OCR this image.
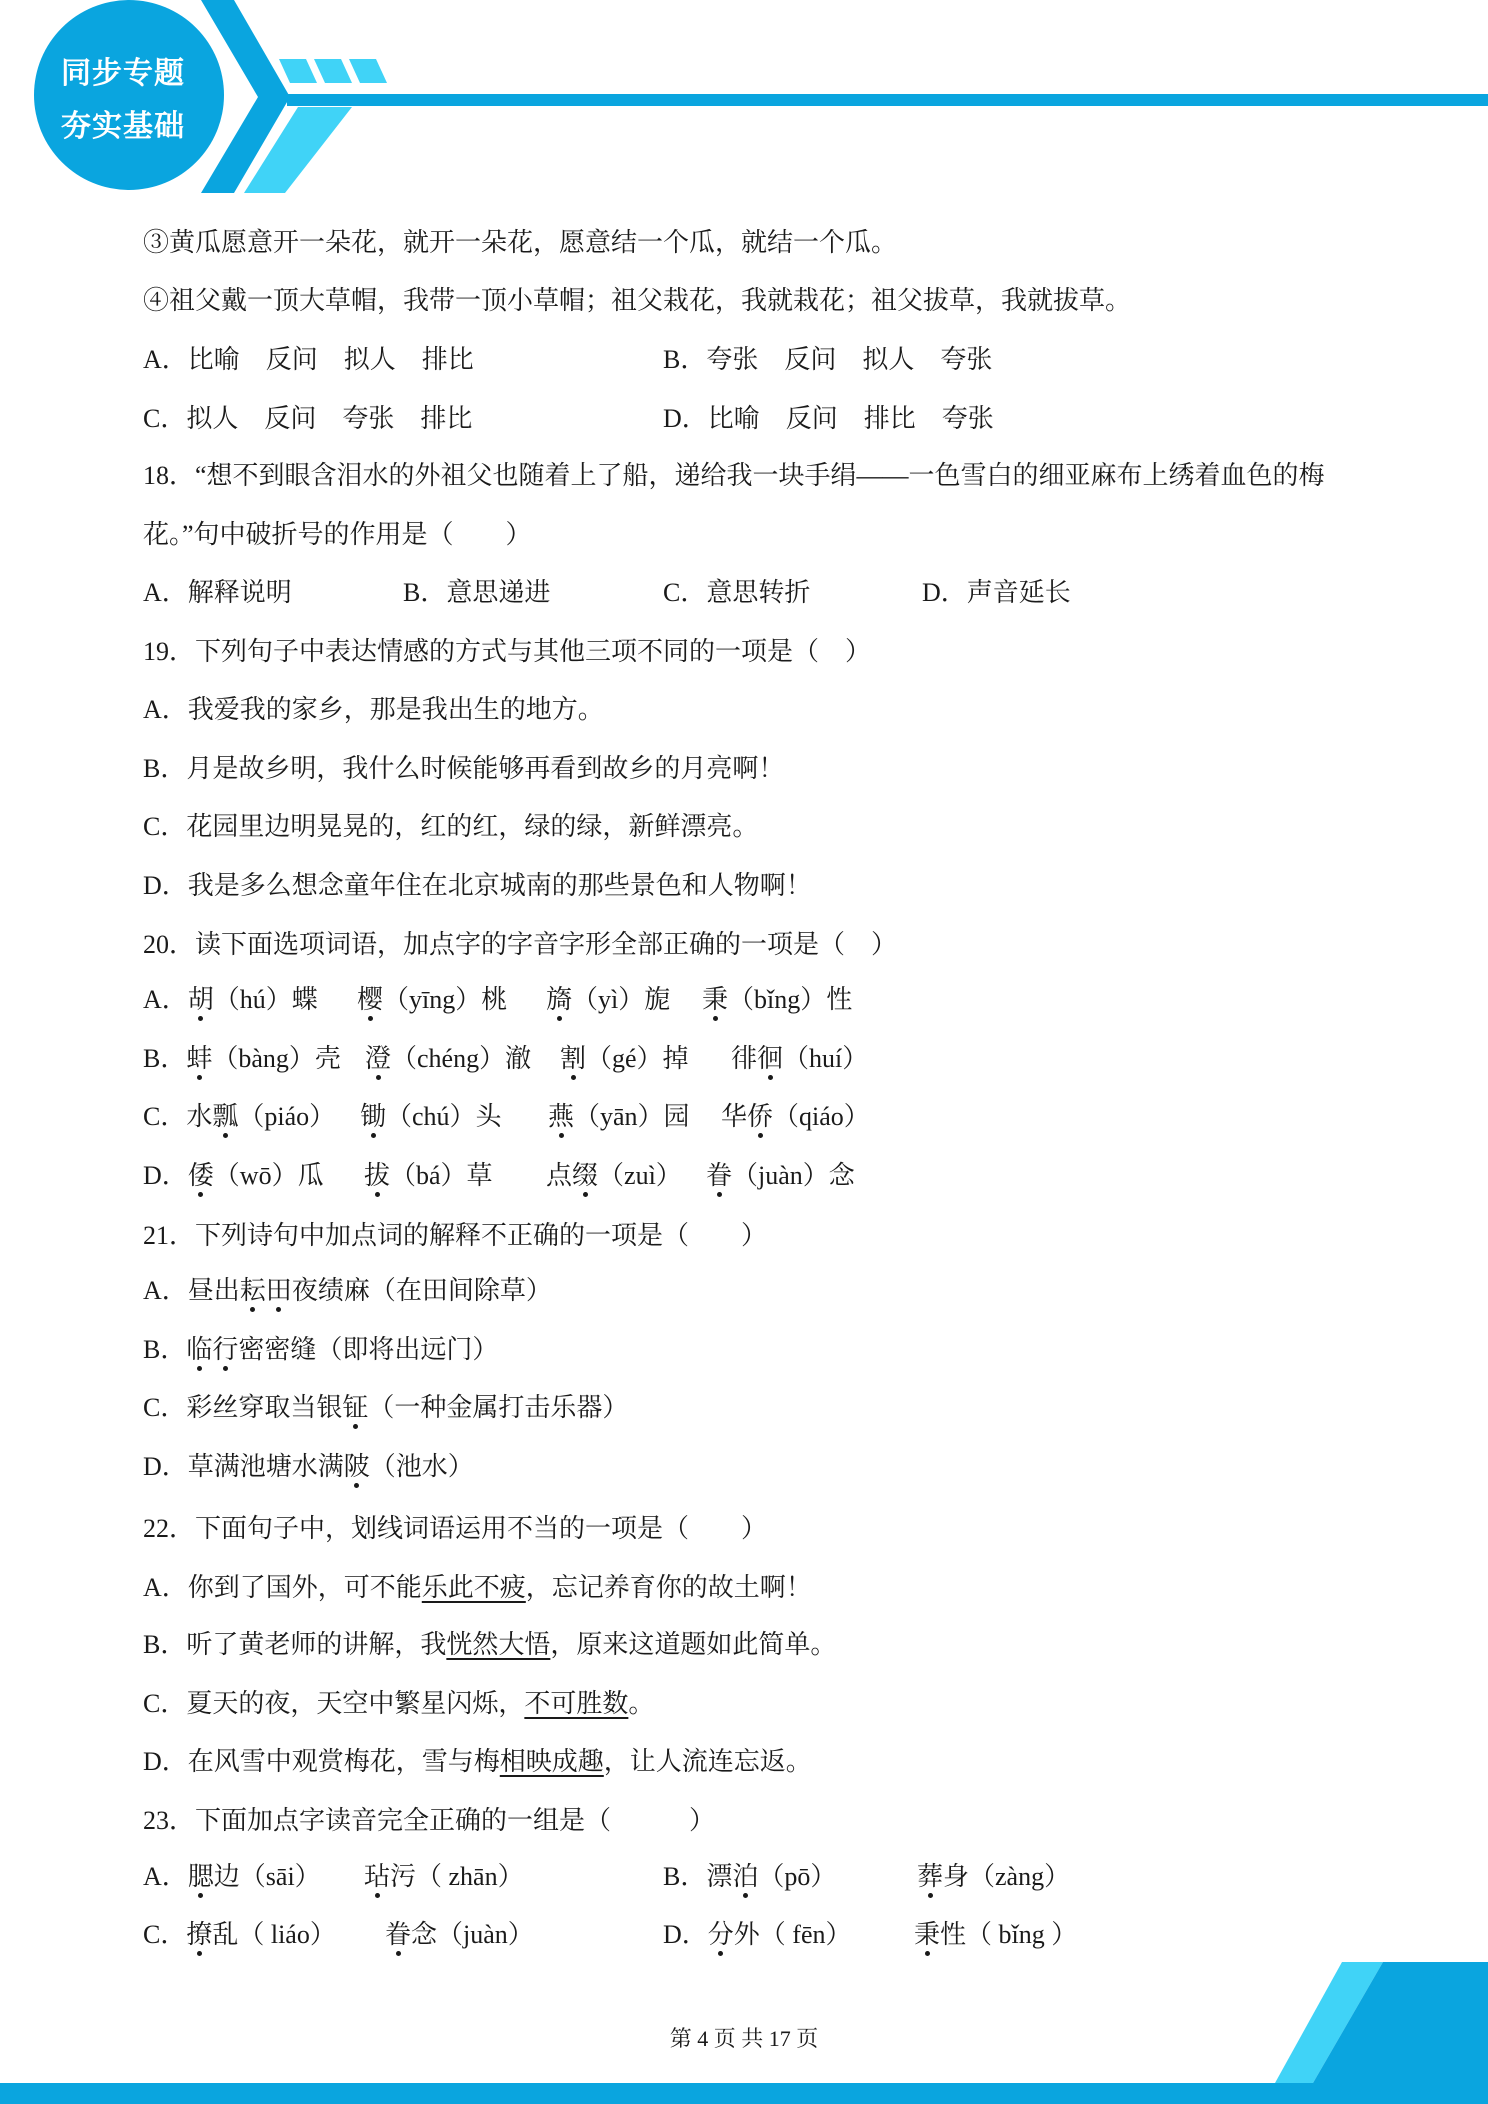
同步专题
夯实基础
③黄瓜愿意开一朵花，就开一朵花，愿意结一个瓜，就结一个瓜。
④祖父戴一顶大草帽，我带一顶小草帽；祖父栽花，我就栽花；祖父拔草，我就拔草。
A．比喻　反问　拟人　排比	B．夸张　反问　拟人　夸张
C．拟人　反问　夸张　排比	D．比喻　反问　排比　夸张
18．“想不到眼含泪水的外祖父也随着上了船，递给我一块手绢——一色雪白的细亚麻布上绣着血色的梅
花。”句中破折号的作用是（　　）
A．解释说明	B．意思递进	C．意思转折	D．声音延长
19．下列句子中表达情感的方式与其他三项不同的一项是（　）
A．我爱我的家乡，那是我出生的地方。
B．月是故乡明，我什么时候能够再看到故乡的月亮啊！
C．花园里边明晃晃的，红的红，绿的绿，新鲜漂亮。
D．我是多么想念童年住在北京城南的那些景色和人物啊！
20．读下面选项词语，加点字的字音字形全部正确的一项是（　）
A．胡（hú）蝶 樱（yīng）桃 旖（yì）旎 秉（bǐng）性
B．蚌（bàng）壳 澄（chéng）澈 割（gé）掉 徘徊（huí）
C．水瓢（piáo） 锄（chú）头 燕（yān）园 华侨（qiáo）
D．倭（wō）瓜 拔（bá）草 点缀（zuì） 眷（juàn）念
21．下列诗句中加点词的解释不正确的一项是（　　）
A．昼出耘田夜绩麻（在田间除草）
B．临行密密缝（即将出远门）
C．彩丝穿取当银钲（一种金属打击乐器）
D．草满池塘水满陂（池水）
22．下面句子中，划线词语运用不当的一项是（　　）
A．你到了国外，可不能乐此不疲，忘记养育你的故土啊！
B．听了黄老师的讲解，我恍然大悟，原来这道题如此简单。
C．夏天的夜，天空中繁星闪烁，不可胜数。
D．在风雪中观赏梅花，雪与梅相映成趣，让人流连忘返。
23．下面加点字读音完全正确的一组是（　　　）
A．腮边（sāi） 玷污（ zhān）	B．漂泊（pō）	葬身（zàng）
C．撩乱（ liáo） 眷念（juàn）	D．分外（ fēn） 秉性（ bǐng ）
第 4 页 共 17 页
